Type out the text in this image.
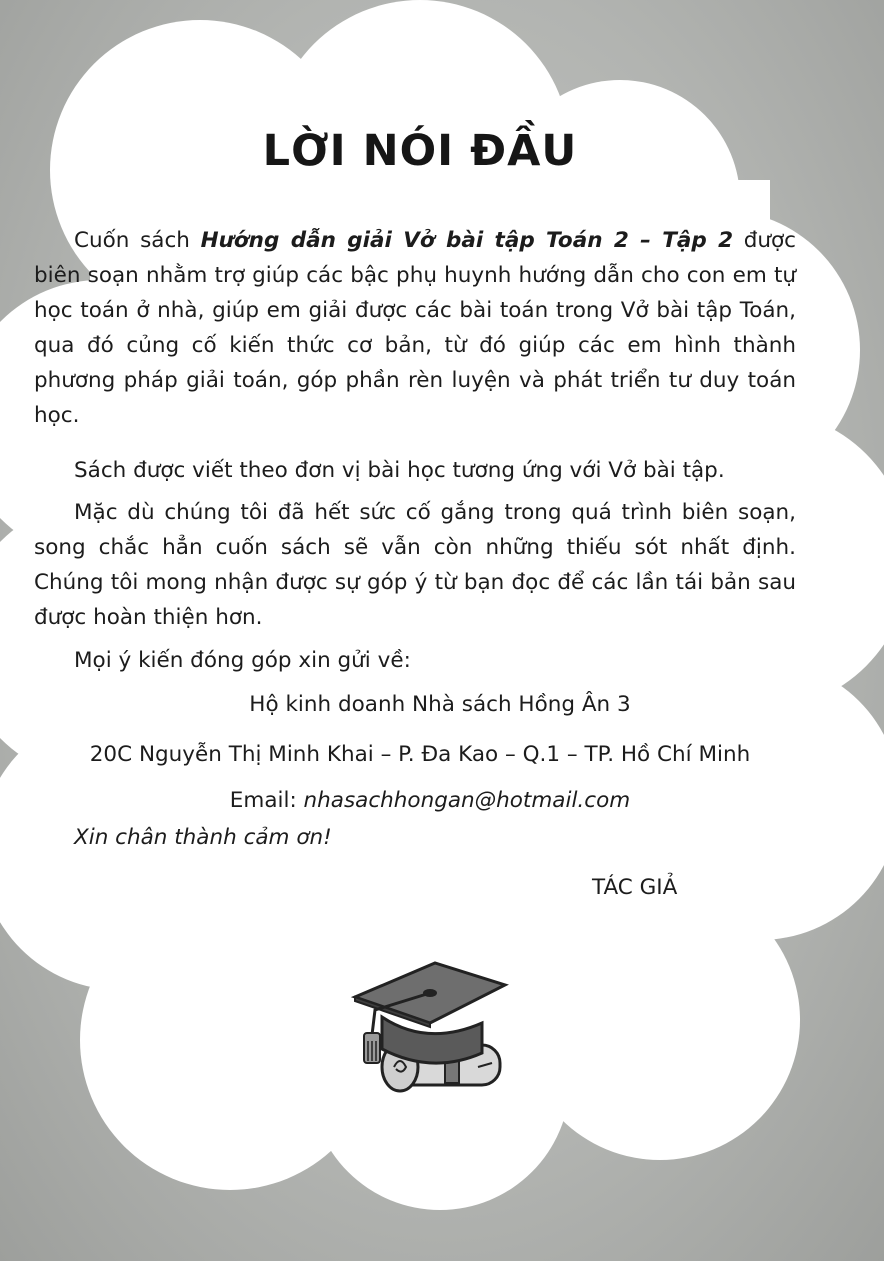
LỜI NÓI ĐẦU

Cuốn sách Hướng dẫn giải Vở bài tập Toán 2 – Tập 2 được biên soạn nhằm trợ giúp các bậc phụ huynh hướng dẫn cho con em tự học toán ở nhà, giúp em giải được các bài toán trong Vở bài tập Toán, qua đó củng cố kiến thức cơ bản, từ đó giúp các em hình thành phương pháp giải toán, góp phần rèn luyện và phát triển tư duy toán học.

Sách được viết theo đơn vị bài học tương ứng với Vở bài tập.

Mặc dù chúng tôi đã hết sức cố gắng trong quá trình biên soạn, song chắc hẳn cuốn sách sẽ vẫn còn những thiếu sót nhất định. Chúng tôi mong nhận được sự góp ý từ bạn đọc để các lần tái bản sau được hoàn thiện hơn.

Mọi ý kiến đóng góp xin gửi về:

Hộ kinh doanh Nhà sách Hồng Ân 3
20C Nguyễn Thị Minh Khai – P. Đa Kao – Q.1 – TP. Hồ Chí Minh
Email: nhasachhongan@hotmail.com
Xin chân thành cảm ơn!
TÁC GIẢ
